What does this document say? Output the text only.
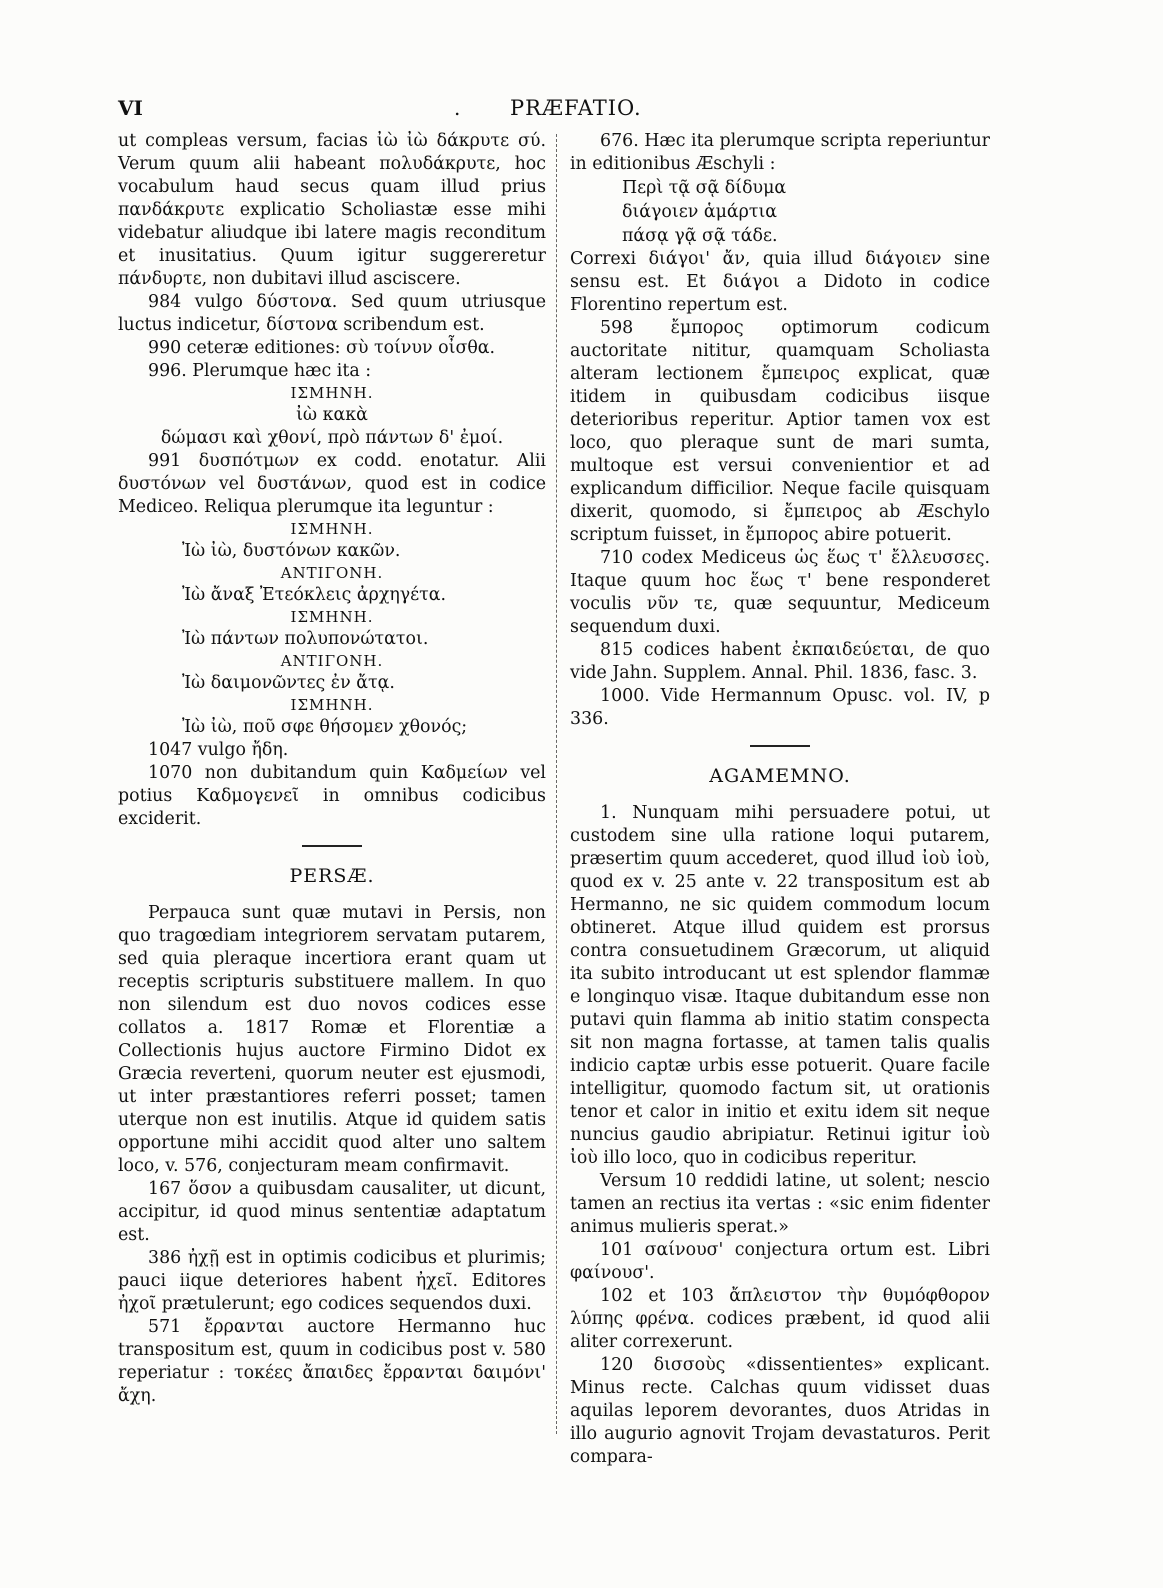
VI	. PRÆFATIO.

ut compleas versum, facias ἰὼ ἰὼ δάκρυτε σύ. Verum quum alii habeant πολυδάκρυτε, hoc vocabulum haud secus quam illud prius πανδάκρυτε explicatio Scholiastæ esse mihi videbatur aliudque ibi latere magis reconditum et inusitatius. Quum igitur suggereretur πάνδυρτε, non dubitavi illud asciscere.

984 vulgo δύστονα. Sed quum utriusque luctus indicetur, δίστονα scribendum est.

990 ceteræ editiones: σὺ τοίνυν οἶσθα.

996. Plerumque hæc ita :

ΙΣΜΗΝΗ.
ἰὼ κακὰ
δώμασι καὶ χθονί, πρὸ πάντων δ' ἐμοί.

991 δυσπότμων ex codd. enotatur. Alii δυστόνων vel δυστάνων, quod est in codice Mediceo. Reliqua plerumque ita leguntur :

ΙΣΜΗΝΗ.
Ἰὼ ἰὼ, δυστόνων κακῶν.
ΑΝΤΙΓΟΝΗ.
Ἰὼ ἄναξ Ἐτεόκλεις ἀρχηγέτα.
ΙΣΜΗΝΗ.
Ἰὼ πάντων πολυπονώτατοι.
ΑΝΤΙΓΟΝΗ.
Ἰὼ δαιμονῶντες ἐν ἄτᾳ.
ΙΣΜΗΝΗ.
Ἰὼ ἰὼ, ποῦ σφε θήσομεν χθονός;

1047 vulgo ἤδη.

1070 non dubitandum quin Καδμείων vel potius Καδμογενεῖ in omnibus codicibus exciderit.

PERSÆ.

Perpauca sunt quæ mutavi in Persis, non quo tragœdiam integriorem servatam putarem, sed quia pleraque incertiora erant quam ut receptis scripturis substituere mallem. In quo non silendum est duo novos codices esse collatos a. 1817 Romæ et Florentiæ a Collectionis hujus auctore Firmino Didot ex Græcia reverteni, quorum neuter est ejusmodi, ut inter præstantiores referri posset; tamen uterque non est inutilis. Atque id quidem satis opportune mihi accidit quod alter uno saltem loco, v. 576, conjecturam meam confirmavit.

167 ὅσον a quibusdam causaliter, ut dicunt, accipitur, id quod minus sententiæ adaptatum est.

386 ἠχῇ est in optimis codicibus et plurimis; pauci iique deteriores habent ἠχεῖ. Editores ἠχοῖ prætulerunt; ego codices sequendos duxi.

571 ἔρρανται auctore Hermanno huc transpositum est, quum in codicibus post v. 580 reperiatur : τοκέες ἄπαιδες ἔρρανται δαιμόνι' ἄχη.

676. Hæc ita plerumque scripta reperiuntur in editionibus Æschyli :

Περὶ τᾷ σᾷ δίδυμα
διάγοιεν ἁμάρτια
πάσᾳ γᾷ σᾷ τάδε.

Correxi διάγοι' ἄν, quia illud διάγοιεν sine sensu est. Et διάγοι a Didoto in codice Florentino repertum est.

598 ἔμπορος optimorum codicum auctoritate nititur, quamquam Scholiasta alteram lectionem ἔμπειρος explicat, quæ itidem in quibusdam codicibus iisque deterioribus reperitur. Aptior tamen vox est loco, quo pleraque sunt de mari sumta, multoque est versui convenientior et ad explicandum difficilior. Neque facile quisquam dixerit, quomodo, si ἔμπειρος ab Æschylo scriptum fuisset, in ἔμπορος abire potuerit.

710 codex Mediceus ὡς ἕως τ' ἔλλευσσες. Itaque quum hoc ἕως τ' bene responderet voculis νῦν τε, quæ sequuntur, Mediceum sequendum duxi.

815 codices habent ἐκπαιδεύεται, de quo vide Jahn. Supplem. Annal. Phil. 1836, fasc. 3.

1000. Vide Hermannum Opusc. vol. IV, p 336.

AGAMEMNO.

1. Nunquam mihi persuadere potui, ut custodem sine ulla ratione loqui putarem, præsertim quum accederet, quod illud ἰοὺ ἰοὺ, quod ex v. 25 ante v. 22 transpositum est ab Hermanno, ne sic quidem commodum locum obtineret. Atque illud quidem est prorsus contra consuetudinem Græcorum, ut aliquid ita subito introducant ut est splendor flammæ e longinquo visæ. Itaque dubitandum esse non putavi quin flamma ab initio statim conspecta sit non magna fortasse, at tamen talis qualis indicio captæ urbis esse potuerit. Quare facile intelligitur, quomodo factum sit, ut orationis tenor et calor in initio et exitu idem sit neque nuncius gaudio abripiatur. Retinui igitur ἰοὺ ἰοὺ illo loco, quo in codicibus reperitur.

Versum 10 reddidi latine, ut solent; nescio tamen an rectius ita vertas : «sic enim fidenter animus mulieris sperat.»

101 σαίνουσ' conjectura ortum est. Libri φαίνουσ'.

102 et 103 ἄπλειστον τὴν θυμόφθορον λύπης φρένα. codices præbent, id quod alii aliter correxerunt.

120 δισσοὺς «dissentientes» explicant. Minus recte. Calchas quum vidisset duas aquilas leporem devorantes, duos Atridas in illo augurio agnovit Trojam devastaturos. Perit compara-
